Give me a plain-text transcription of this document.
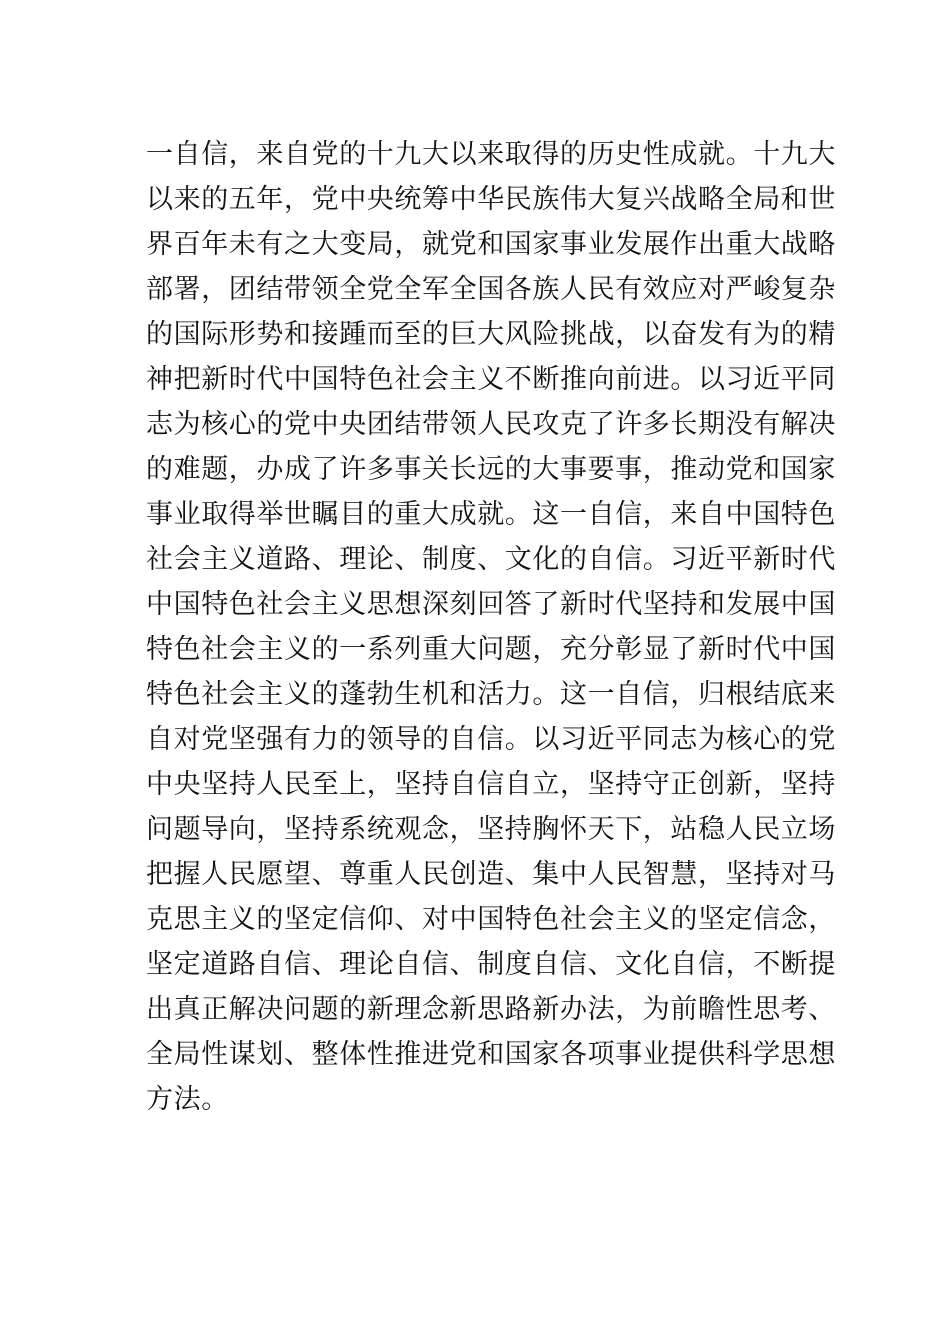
一自信，来自党的十九大以来取得的历史性成就。十九大
以来的五年，党中央统筹中华民族伟大复兴战略全局和世
界百年未有之大变局，就党和国家事业发展作出重大战略
部署，团结带领全党全军全国各族人民有效应对严峻复杂
的国际形势和接踵而至的巨大风险挑战，以奋发有为的精
神把新时代中国特色社会主义不断推向前进。以习近平同
志为核心的党中央团结带领人民攻克了许多长期没有解决
的难题，办成了许多事关长远的大事要事，推动党和国家
事业取得举世瞩目的重大成就。这一自信，来自中国特色
社会主义道路、理论、制度、文化的自信。习近平新时代
中国特色社会主义思想深刻回答了新时代坚持和发展中国
特色社会主义的一系列重大问题，充分彰显了新时代中国
特色社会主义的蓬勃生机和活力。这一自信，归根结底来
自对党坚强有力的领导的自信。以习近平同志为核心的党
中央坚持人民至上，坚持自信自立，坚持守正创新，坚持
问题导向，坚持系统观念，坚持胸怀天下，站稳人民立场
把握人民愿望、尊重人民创造、集中人民智慧，坚持对马
克思主义的坚定信仰、对中国特色社会主义的坚定信念，
坚定道路自信、理论自信、制度自信、文化自信，不断提
出真正解决问题的新理念新思路新办法，为前瞻性思考、
全局性谋划、整体性推进党和国家各项事业提供科学思想
方法。
